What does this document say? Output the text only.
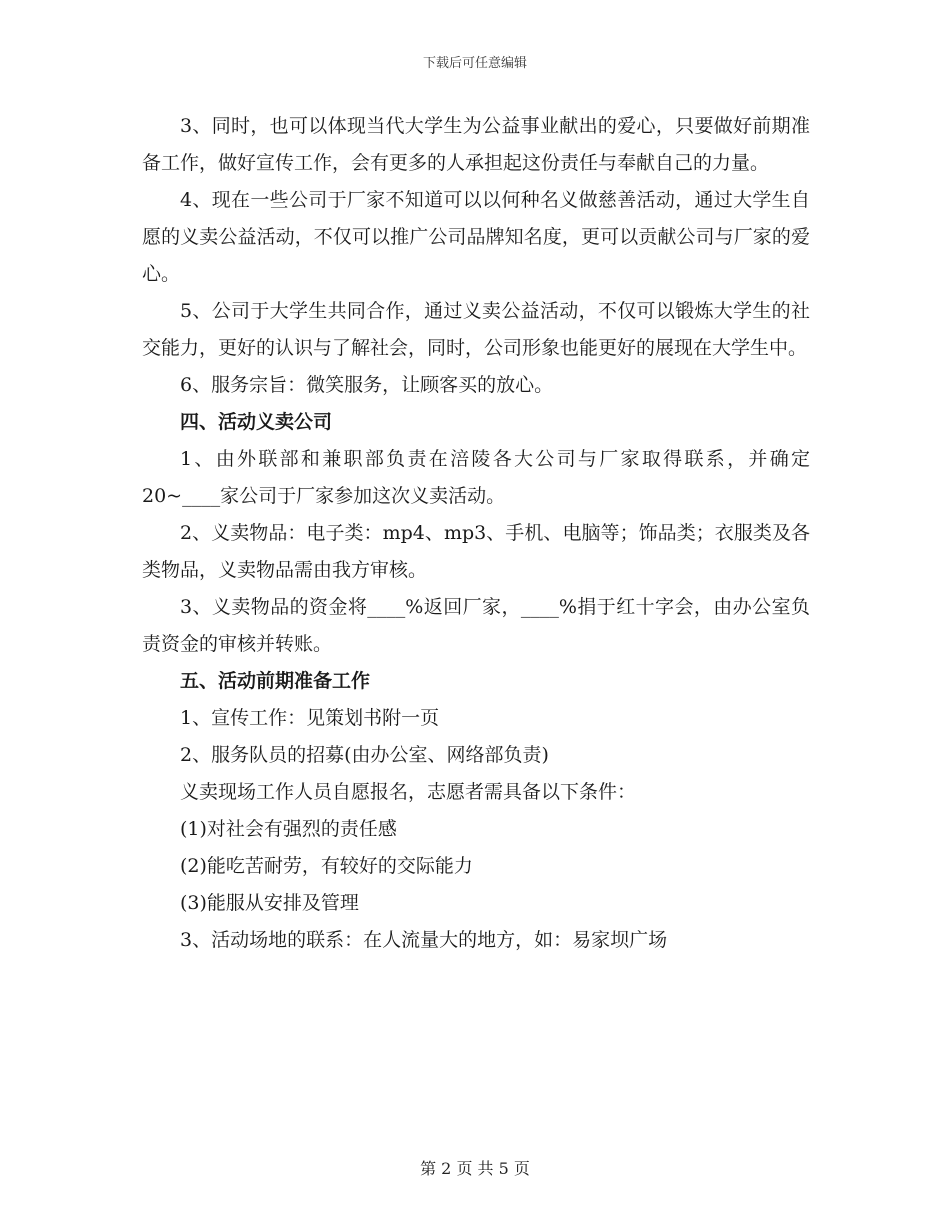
下载后可任意编辑

3、同时，也可以体现当代大学生为公益事业献出的爱心，只要做好前期准备工作，做好宣传工作，会有更多的人承担起这份责任与奉献自己的力量。

4、现在一些公司于厂家不知道可以以何种名义做慈善活动，通过大学生自愿的义卖公益活动，不仅可以推广公司品牌知名度，更可以贡献公司与厂家的爱心。

5、公司于大学生共同合作，通过义卖公益活动，不仅可以锻炼大学生的社交能力，更好的认识与了解社会，同时，公司形象也能更好的展现在大学生中。

6、服务宗旨：微笑服务，让顾客买的放心。

四、活动义卖公司

1、由外联部和兼职部负责在涪陵各大公司与厂家取得联系，并确定20~____家公司于厂家参加这次义卖活动。

2、义卖物品：电子类：mp4、mp3、手机、电脑等；饰品类；衣服类及各类物品，义卖物品需由我方审核。

3、义卖物品的资金将____%返回厂家，____%捐于红十字会，由办公室负责资金的审核并转账。

五、活动前期准备工作

1、宣传工作：见策划书附一页

2、服务队员的招募(由办公室、网络部负责)

义卖现场工作人员自愿报名，志愿者需具备以下条件：

(1)对社会有强烈的责任感

(2)能吃苦耐劳，有较好的交际能力

(3)能服从安排及管理

3、活动场地的联系：在人流量大的地方，如：易家坝广场

第 2 页 共 5 页
